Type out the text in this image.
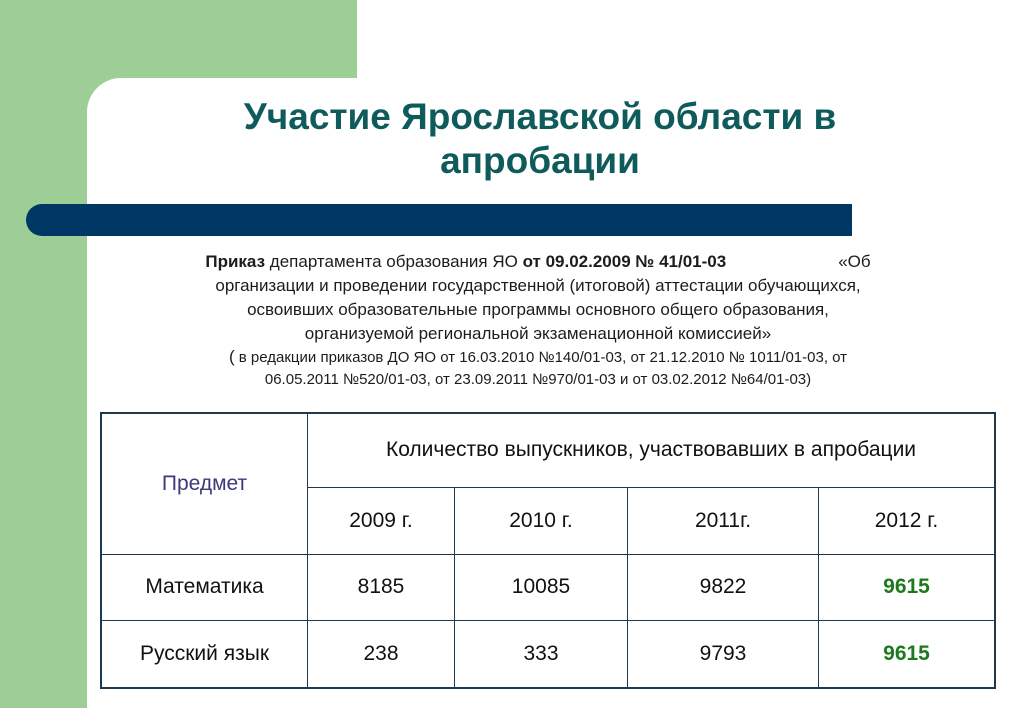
Участие Ярославской области в
апробации
Приказ департамента образования ЯО от 09.02.2009 № 41/01-03	«Об
организации и проведении государственной (итоговой) аттестации обучающихся,
освоивших образовательные программы основного общего образования,
организуемой региональной экзаменационной комиссией»
( в редакции приказов ДО ЯО от 16.03.2010 №140/01-03, от 21.12.2010 № 1011/01-03, от
06.05.2011 №520/01-03, от 23.09.2011 №970/01-03 и от 03.02.2012 №64/01-03)
Предмет	Количество выпускников, участвовавших в апробации			
	2009 г.	2010 г.	2011г.	2012 г.
Математика	8185	10085	9822	9615
Русский язык	238	333	9793	9615
